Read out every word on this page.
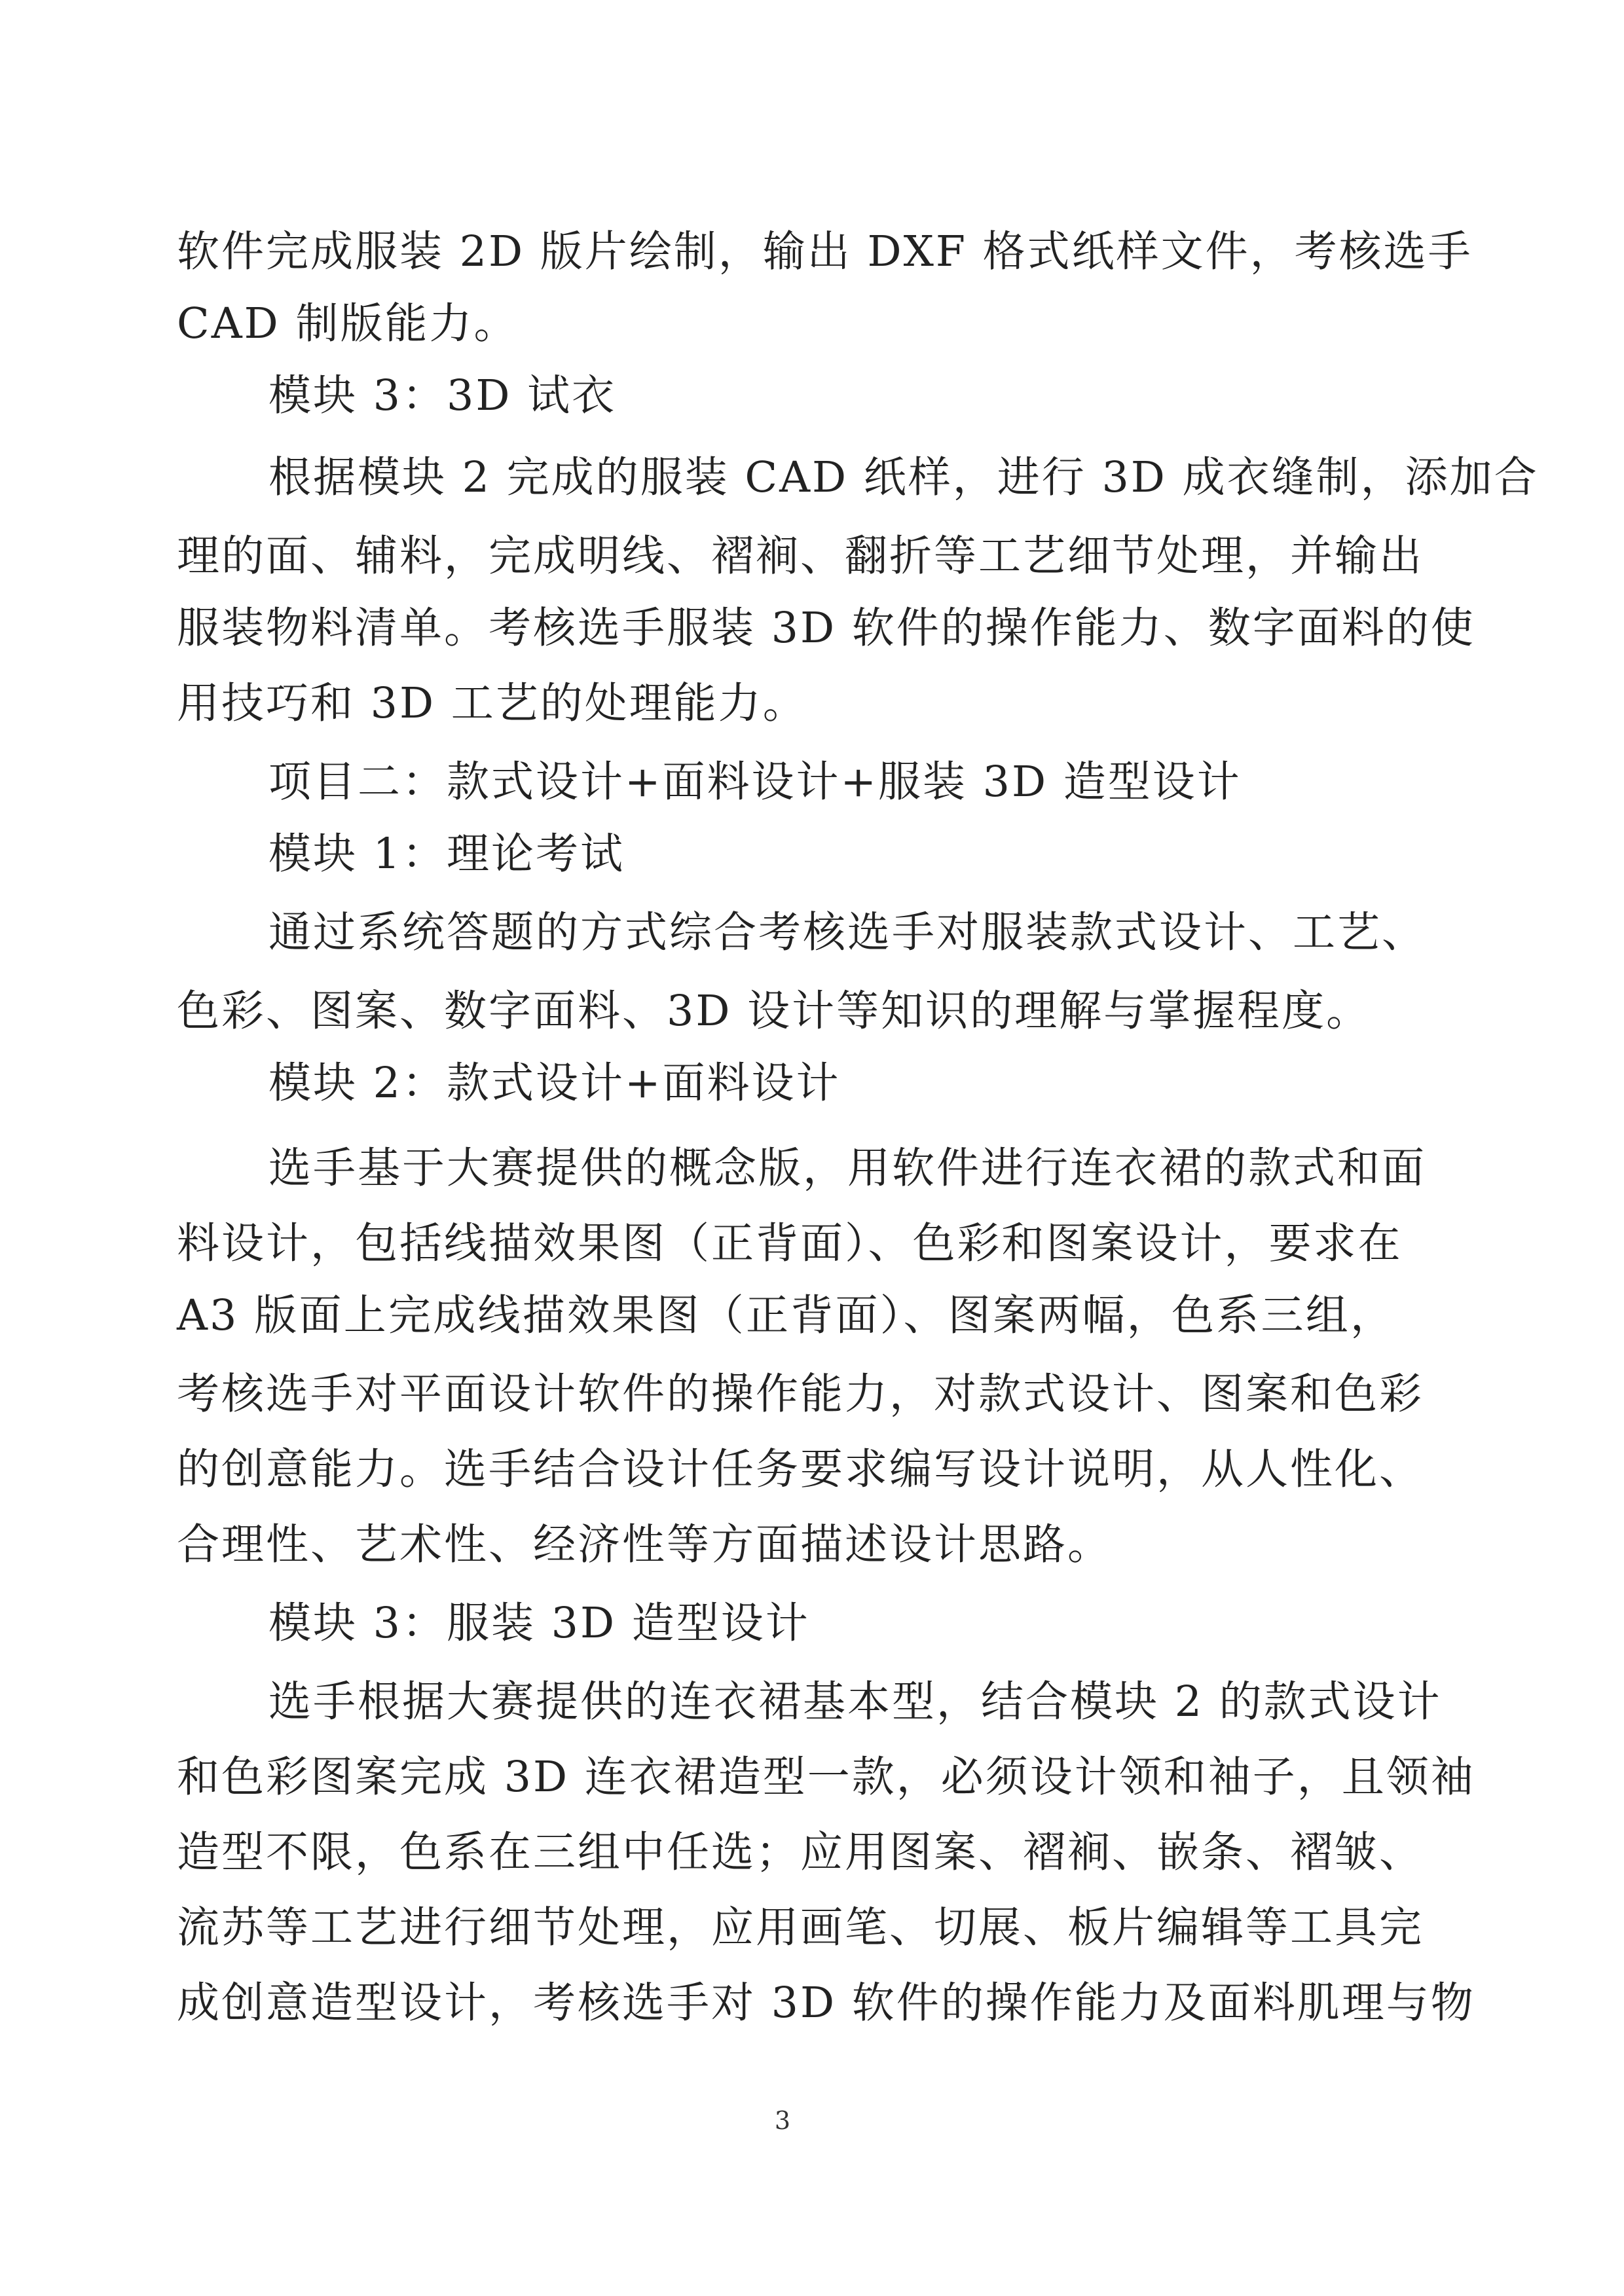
软件完成服装 2D 版片绘制，输出 DXF 格式纸样文件，考核选手
CAD 制版能力。
模块 3：3D 试衣
根据模块 2 完成的服装 CAD 纸样，进行 3D 成衣缝制，添加合
理的面、辅料，完成明线、褶裥、翻折等工艺细节处理，并输出
服装物料清单。考核选手服装 3D 软件的操作能力、数字面料的使
用技巧和 3D 工艺的处理能力。
项目二：款式设计+面料设计+服装 3D 造型设计
模块 1：理论考试
通过系统答题的方式综合考核选手对服装款式设计、工艺、
色彩、图案、数字面料、3D 设计等知识的理解与掌握程度。
模块 2：款式设计+面料设计
选手基于大赛提供的概念版，用软件进行连衣裙的款式和面
料设计，包括线描效果图（正背面）、色彩和图案设计，要求在
A3 版面上完成线描效果图（正背面）、图案两幅，色系三组，
考核选手对平面设计软件的操作能力，对款式设计、图案和色彩
的创意能力。选手结合设计任务要求编写设计说明，从人性化、
合理性、艺术性、经济性等方面描述设计思路。
模块 3：服装 3D 造型设计
选手根据大赛提供的连衣裙基本型，结合模块 2 的款式设计
和色彩图案完成 3D 连衣裙造型一款，必须设计领和袖子，且领袖
造型不限，色系在三组中任选；应用图案、褶裥、嵌条、褶皱、
流苏等工艺进行细节处理，应用画笔、切展、板片编辑等工具完
成创意造型设计，考核选手对 3D 软件的操作能力及面料肌理与物
3
